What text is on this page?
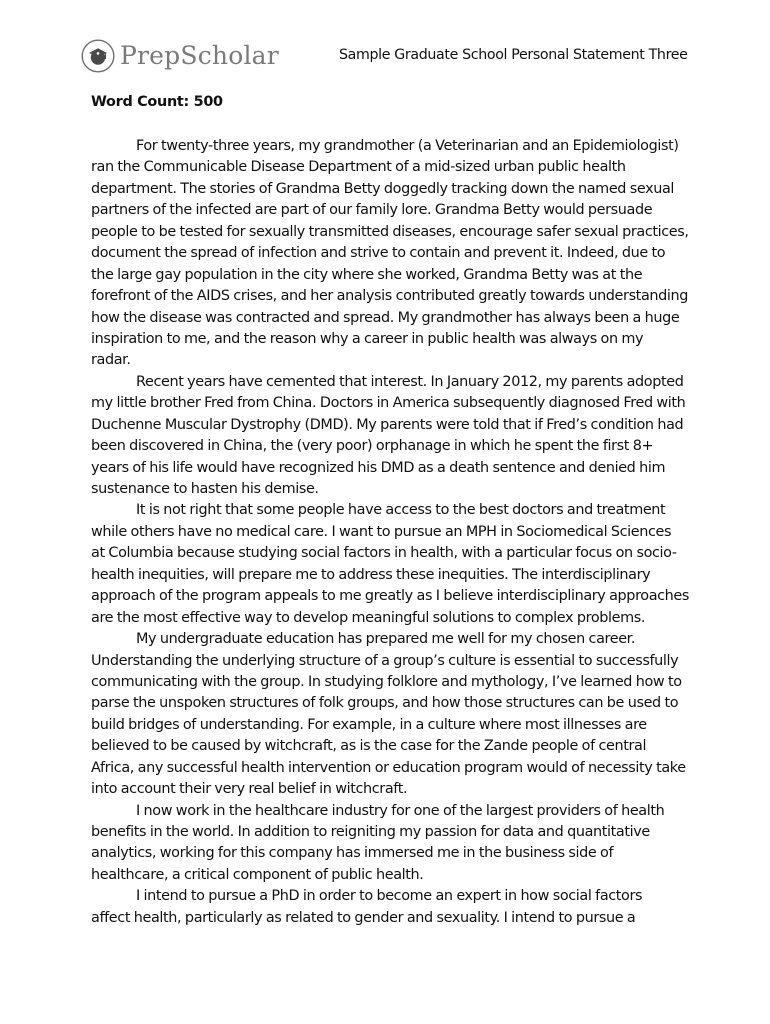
PrepScholar	Sample Graduate School Personal Statement Three
Word Count: 500
For twenty-three years, my grandmother (a Veterinarian and an Epidemiologist)
ran the Communicable Disease Department of a mid-sized urban public health
department. The stories of Grandma Betty doggedly tracking down the named sexual
partners of the infected are part of our family lore. Grandma Betty would persuade
people to be tested for sexually transmitted diseases, encourage safer sexual practices,
document the spread of infection and strive to contain and prevent it. Indeed, due to
the large gay population in the city where she worked, Grandma Betty was at the
forefront of the AIDS crises, and her analysis contributed greatly towards understanding
how the disease was contracted and spread. My grandmother has always been a huge
inspiration to me, and the reason why a career in public health was always on my
radar.
Recent years have cemented that interest. In January 2012, my parents adopted
my little brother Fred from China. Doctors in America subsequently diagnosed Fred with
Duchenne Muscular Dystrophy (DMD). My parents were told that if Fred’s condition had
been discovered in China, the (very poor) orphanage in which he spent the first 8+
years of his life would have recognized his DMD as a death sentence and denied him
sustenance to hasten his demise.
It is not right that some people have access to the best doctors and treatment
while others have no medical care. I want to pursue an MPH in Sociomedical Sciences
at Columbia because studying social factors in health, with a particular focus on socio-
health inequities, will prepare me to address these inequities. The interdisciplinary
approach of the program appeals to me greatly as I believe interdisciplinary approaches
are the most effective way to develop meaningful solutions to complex problems.
My undergraduate education has prepared me well for my chosen career.
Understanding the underlying structure of a group’s culture is essential to successfully
communicating with the group. In studying folklore and mythology, I’ve learned how to
parse the unspoken structures of folk groups, and how those structures can be used to
build bridges of understanding. For example, in a culture where most illnesses are
believed to be caused by witchcraft, as is the case for the Zande people of central
Africa, any successful health intervention or education program would of necessity take
into account their very real belief in witchcraft.
I now work in the healthcare industry for one of the largest providers of health
benefits in the world. In addition to reigniting my passion for data and quantitative
analytics, working for this company has immersed me in the business side of
healthcare, a critical component of public health.
I intend to pursue a PhD in order to become an expert in how social factors
affect health, particularly as related to gender and sexuality. I intend to pursue a
